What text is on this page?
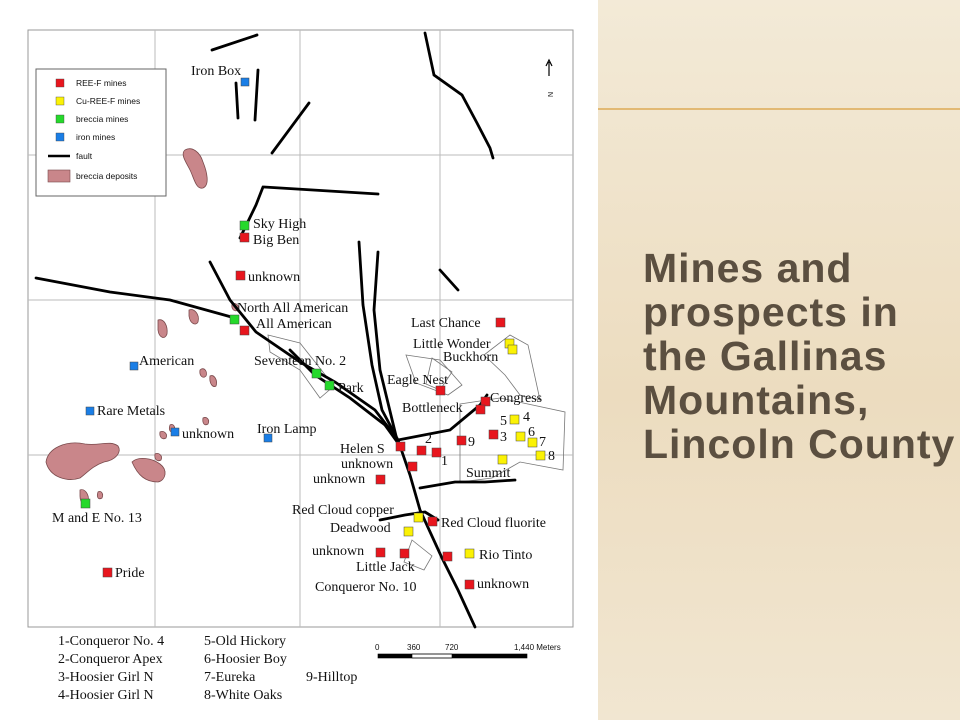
Iron Box
Sky High
Big Ben
unknown
North All American
All American
American	Seventeen No. 2
Park
Rare Metals
unknown Iron Lamp
M and E No. 13
Pride
Last Chance
Little Wonder
Buckhorn
Eagle Nest
Congress
Bottleneck
Helen S
unknown
unknown	Summit
Red Cloud copper
Red Cloud fluorite
Deadwood
unknown	Rio Tinto
Little Jack
unknown
Conqueror No. 10
5 4
6
7
8
3
9
2
1
REE-F mines
Cu-REE-F mines
breccia mines
iron mines
fault
breccia deposits
N
1-Conqueror No. 4
2-Conqueror Apex
3-Hoosier Girl N
4-Hoosier Girl N
5-Old Hickory
6-Hoosier Boy
7-Eureka
8-White Oaks
9-Hilltop
0	360	720	1,440 Meters
Mines and
prospects in
the Gallinas
Mountains,
Lincoln County
